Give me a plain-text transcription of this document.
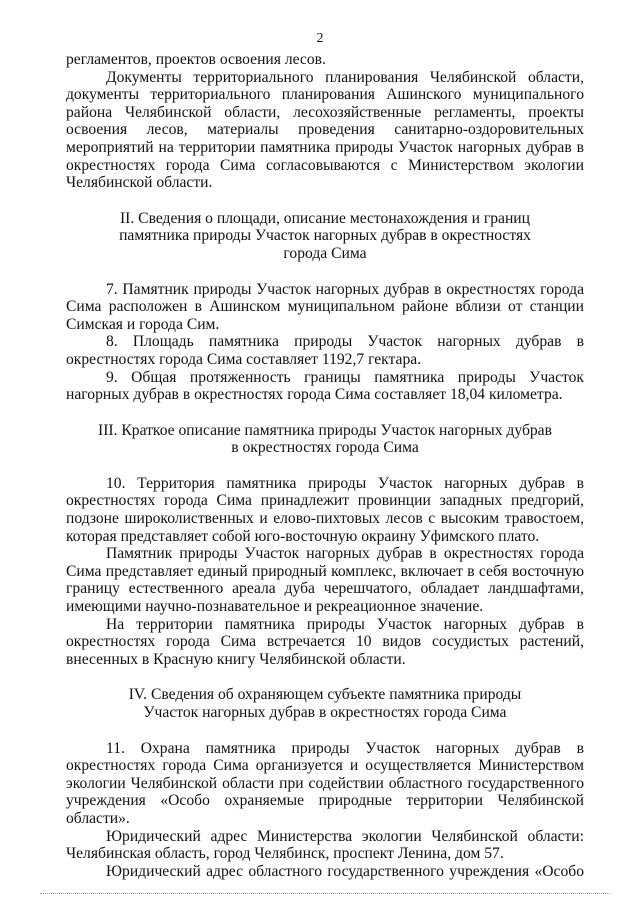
2

регламентов, проектов освоения лесов.

Документы территориального планирования Челябинской области, документы территориального планирования Ашинского муниципального района Челябинской области, лесохозяйственные регламенты, проекты освоения лесов, материалы проведения санитарно-оздоровительных мероприятий на территории памятника природы Участок нагорных дубрав в окрестностях города Сима согласовываются с Министерством экологии Челябинской области.

II. Сведения о площади, описание местонахождения и границ памятника природы Участок нагорных дубрав в окрестностях города Сима

7. Памятник природы Участок нагорных дубрав в окрестностях города Сима расположен в Ашинском муниципальном районе вблизи от станции Симская и города Сим.

8. Площадь памятника природы Участок нагорных дубрав в окрестностях города Сима составляет 1192,7 гектара.

9. Общая протяженность границы памятника природы Участок нагорных дубрав в окрестностях города Сима составляет 18,04 километра.

III. Краткое описание памятника природы Участок нагорных дубрав в окрестностях города Сима

10. Территория памятника природы Участок нагорных дубрав в окрестностях города Сима принадлежит провинции западных предгорий, подзоне широколиственных и елово-пихтовых лесов с высоким травостоем, которая представляет собой юго-восточную окраину Уфимского плато.

Памятник природы Участок нагорных дубрав в окрестностях города Сима представляет единый природный комплекс, включает в себя восточную границу естественного ареала дуба черешчатого, обладает ландшафтами, имеющими научно-познавательное и рекреационное значение.

На территории памятника природы Участок нагорных дубрав в окрестностях города Сима встречается 10 видов сосудистых растений, внесенных в Красную книгу Челябинской области.

IV. Сведения об охраняющем субъекте памятника природы Участок нагорных дубрав в окрестностях города Сима

11. Охрана памятника природы Участок нагорных дубрав в окрестностях города Сима организуется и осуществляется Министерством экологии Челябинской области при содействии областного государственного учреждения «Особо охраняемые природные территории Челябинской области».

Юридический адрес Министерства экологии Челябинской области: Челябинская область, город Челябинск, проспект Ленина, дом 57.

Юридический адрес областного государственного учреждения «Особо
